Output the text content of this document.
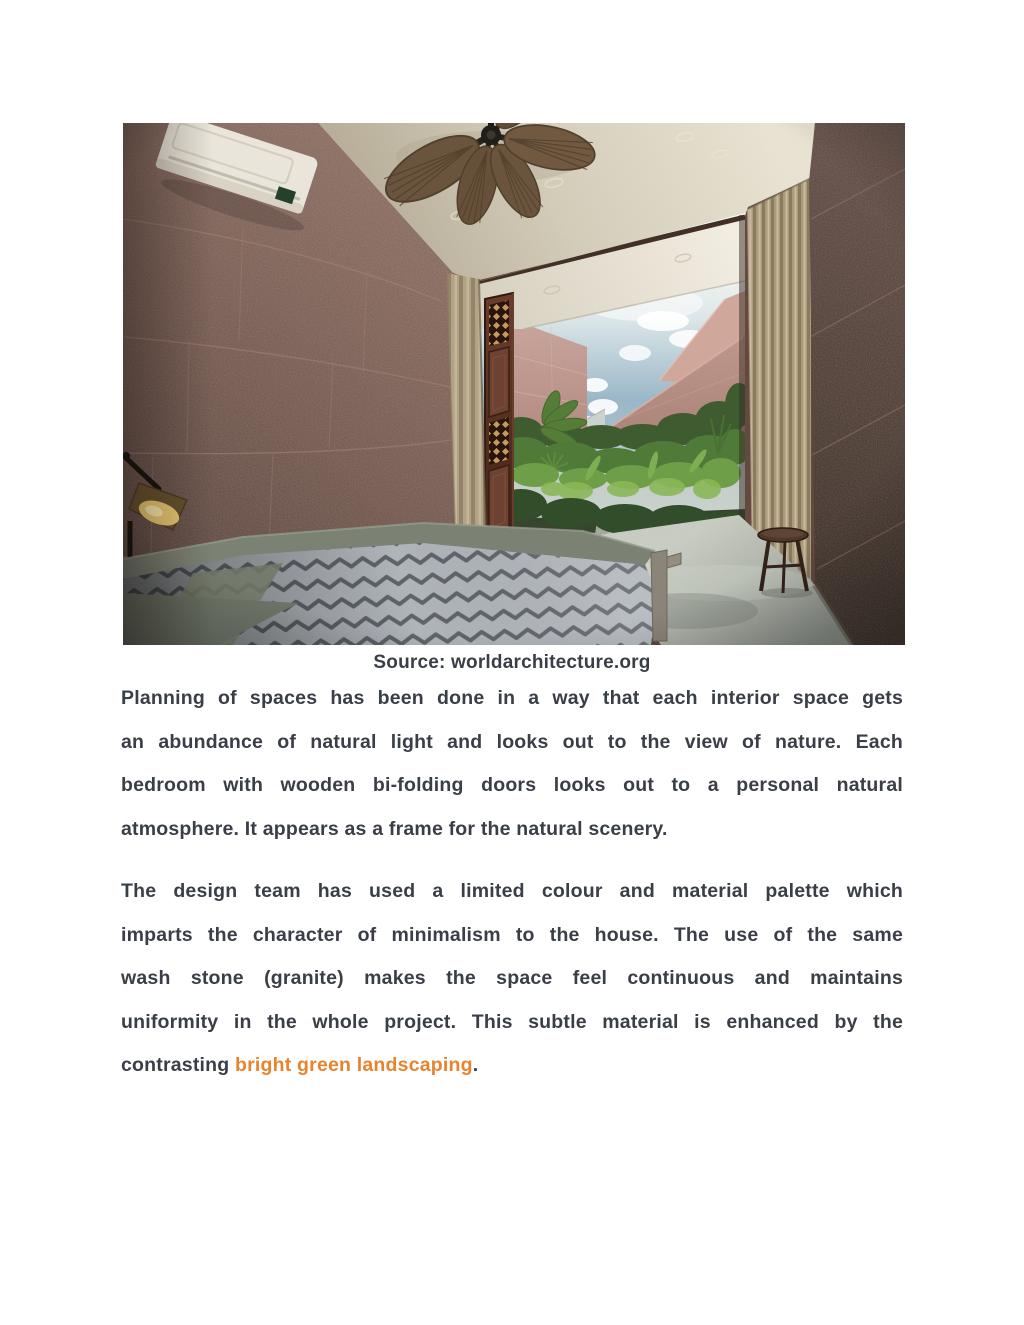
Source: worldarchitecture.org
Planning of spaces has been done in a way that each interior space gets
an abundance of natural light and looks out to the view of nature. Each
bedroom with wooden bi-folding doors looks out to a personal natural
atmosphere. It appears as a frame for the natural scenery.
The design team has used a limited colour and material palette which
imparts the character of minimalism to the house. The use of the same
wash stone (granite) makes the space feel continuous and maintains
uniformity in the whole project. This subtle material is enhanced by the
contrasting bright green landscaping.
